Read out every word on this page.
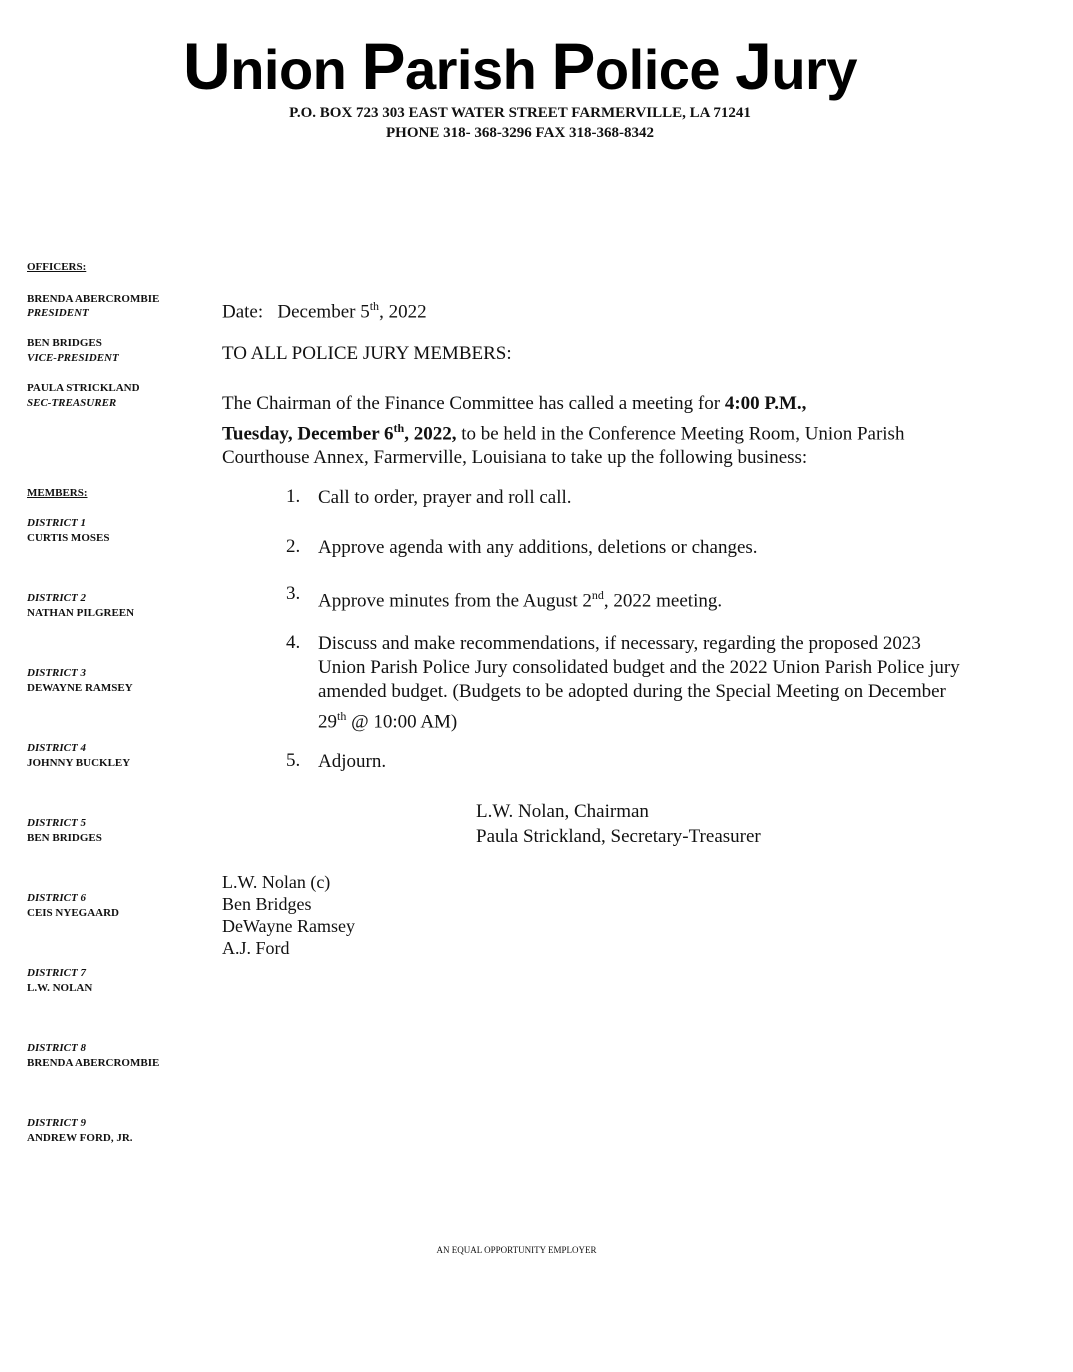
Union Parish Police Jury
P.O. BOX 723 303 EAST WATER STREET FARMERVILLE, LA 71241
PHONE 318- 368-3296 FAX 318-368-8342
OFFICERS:
BRENDA ABERCROMBIE
PRESIDENT
BEN BRIDGES
VICE-PRESIDENT
PAULA STRICKLAND
SEC-TREASURER
MEMBERS:
DISTRICT 1
CURTIS MOSES
DISTRICT 2
NATHAN PILGREEN
DISTRICT 3
DEWAYNE RAMSEY
DISTRICT 4
JOHNNY BUCKLEY
DISTRICT 5
BEN BRIDGES
DISTRICT 6
CEIS NYEGAARD
DISTRICT 7
L.W. NOLAN
DISTRICT 8
BRENDA ABERCROMBIE
DISTRICT 9
ANDREW FORD, JR.
Date: December 5th, 2022
TO ALL POLICE JURY MEMBERS:
The Chairman of the Finance Committee has called a meeting for 4:00 P.M.,
Tuesday, December 6th, 2022, to be held in the Conference Meeting Room, Union Parish Courthouse Annex, Farmerville, Louisiana to take up the following business:
1. Call to order, prayer and roll call.
2. Approve agenda with any additions, deletions or changes.
3. Approve minutes from the August 2nd, 2022 meeting.
4. Discuss and make recommendations, if necessary, regarding the proposed 2023 Union Parish Police Jury consolidated budget and the 2022 Union Parish Police jury amended budget. (Budgets to be adopted during the Special Meeting on December 29th @ 10:00 AM)
5. Adjourn.
L.W. Nolan, Chairman
Paula Strickland, Secretary-Treasurer
L.W. Nolan (c)
Ben Bridges
DeWayne Ramsey
A.J. Ford
AN EQUAL OPPORTUNITY EMPLOYER
